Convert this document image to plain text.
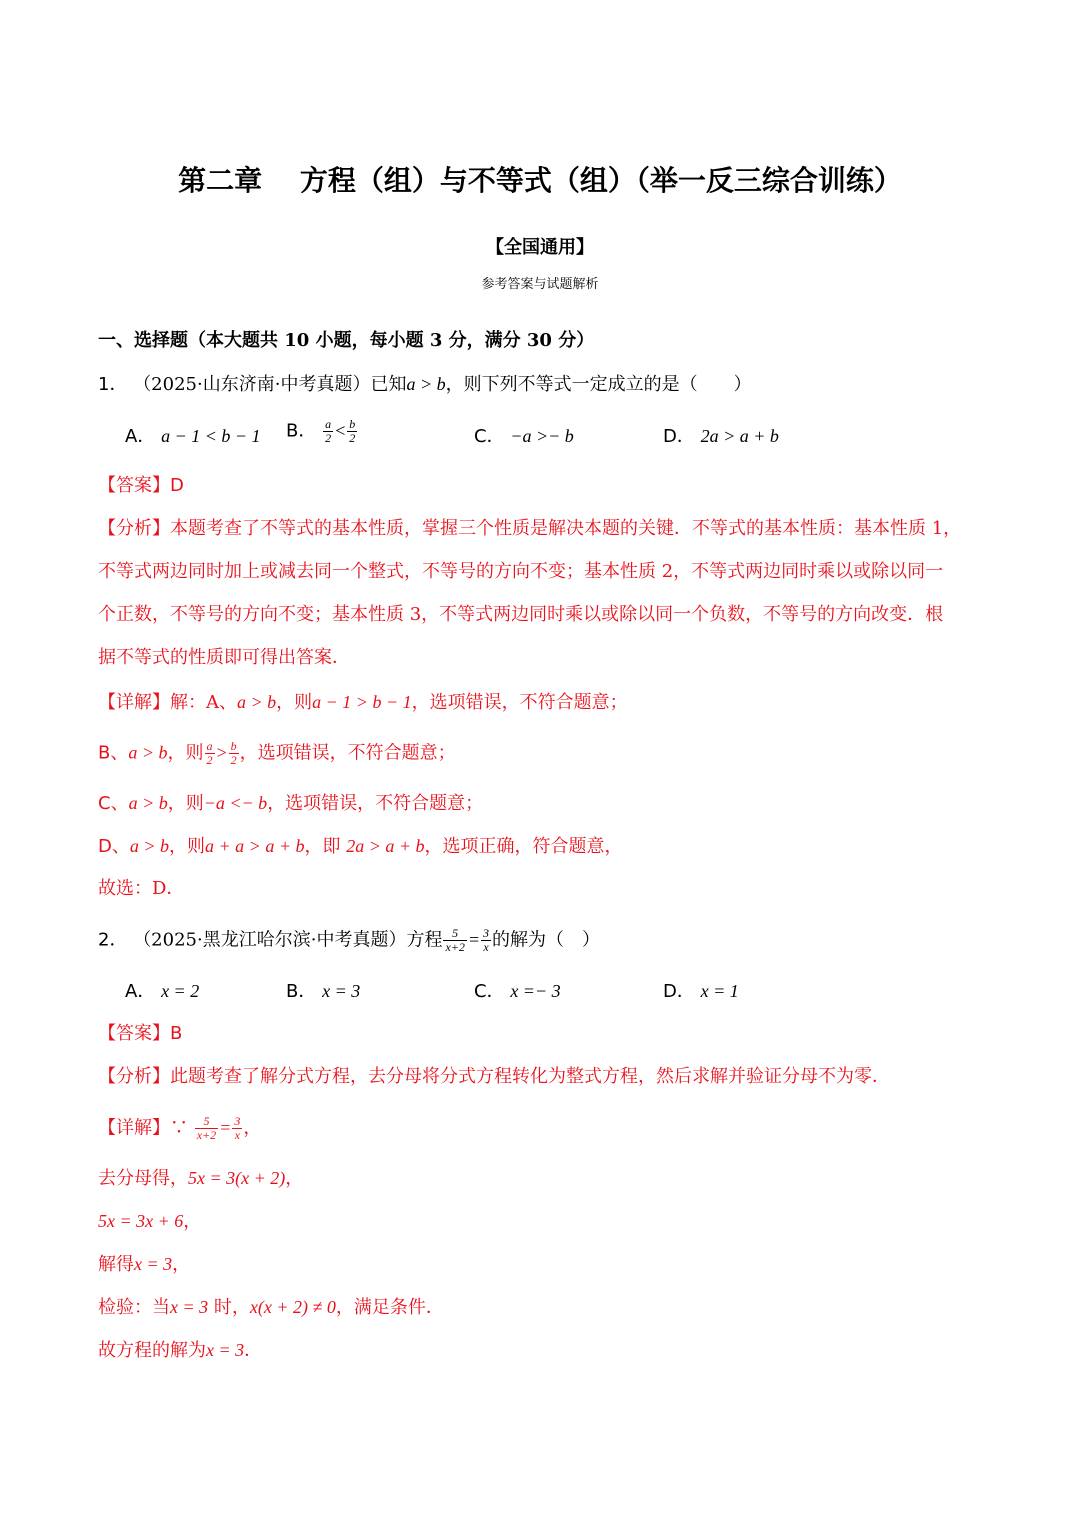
第二章　 方程（组）与不等式（组）（举一反三综合训练）
【全国通用】
参考答案与试题解析
一、选择题（本大题共 10 小题，每小题 3 分，满分 30 分）
1． （2025·山东济南·中考真题）已知a > b，则下列不等式一定成立的是（　　）
A． a − 1 < b − 1 B． $\frac{a}{2} < \frac{b}{2}$	C． −a >− b	D． 2a > a + b
【答案】D
【分析】本题考查了不等式的基本性质，掌握三个性质是解决本题的关键．不等式的基本性质：基本性质 1，
不等式两边同时加上或减去同一个整式，不等号的方向不变；基本性质 2，不等式两边同时乘以或除以同一
个正数，不等号的方向不变；基本性质 3，不等式两边同时乘以或除以同一个负数，不等号的方向改变．根
据不等式的性质即可得出答案．
【详解】解：A、a > b，则a − 1 > b − 1，选项错误，不符合题意；
B、a > b，则 $\frac{a}{2} > \frac{b}{2}$ ，选项错误，不符合题意；
C、a > b，则−a <− b，选项错误，不符合题意；
D、a > b，则a + a > a + b，即 2a > a + b，选项正确，符合题意，
故选：D．
2． （2025·黑龙江哈尔滨·中考真题）方程 $\frac{5}{x+2} = \frac{3}{x}$ 的解为（　）
A． x = 2	B． x = 3	C． x =− 3	D． x = 1
【答案】B
【分析】此题考查了解分式方程，去分母将分式方程转化为整式方程，然后求解并验证分母不为零．
【详解】∵ $\frac{5}{x+2} = \frac{3}{x}$ ，
去分母得，5x = 3(x + 2)，
5x = 3x + 6，
解得x = 3，
检验：当x = 3 时，x(x + 2) ≠ 0，满足条件．
故方程的解为x = 3．
